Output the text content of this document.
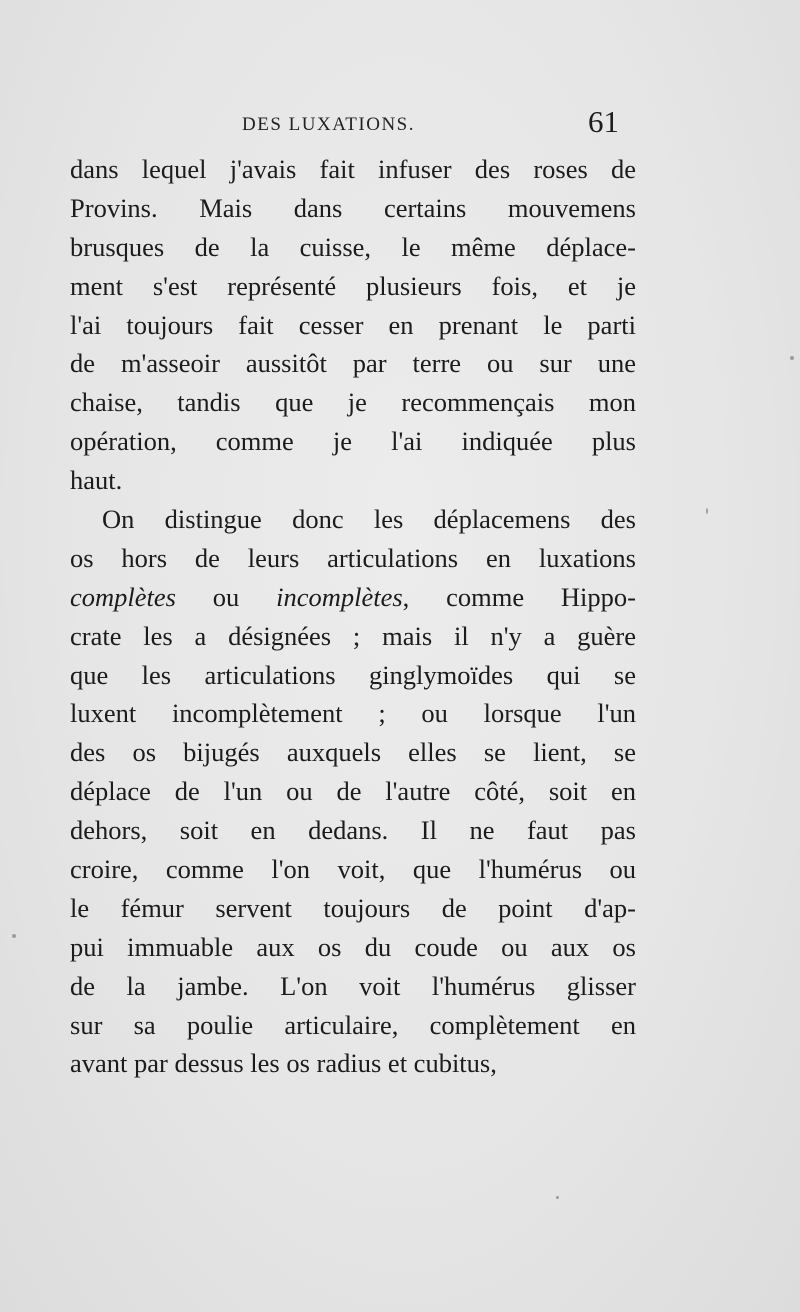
DES LUXATIONS.	61
dans lequel j'avais fait infuser des roses de
Provins. Mais dans certains mouvemens
brusques de la cuisse, le même déplace-
ment s'est représenté plusieurs fois, et je
l'ai toujours fait cesser en prenant le parti
de m'asseoir aussitôt par terre ou sur une
chaise, tandis que je recommençais mon
opération, comme je l'ai indiquée plus
haut.
On distingue donc les déplacemens des
os hors de leurs articulations en luxations
complètes ou incomplètes, comme Hippo-
crate les a désignées ; mais il n'y a guère
que les articulations ginglymoïdes qui se
luxent incomplètement ; ou lorsque l'un
des os bijugés auxquels elles se lient, se
déplace de l'un ou de l'autre côté, soit en
dehors, soit en dedans. Il ne faut pas
croire, comme l'on voit, que l'humérus ou
le fémur servent toujours de point d'ap-
pui immuable aux os du coude ou aux os
de la jambe. L'on voit l'humérus glisser
sur sa poulie articulaire, complètement en
avant par dessus les os radius et cubitus,
